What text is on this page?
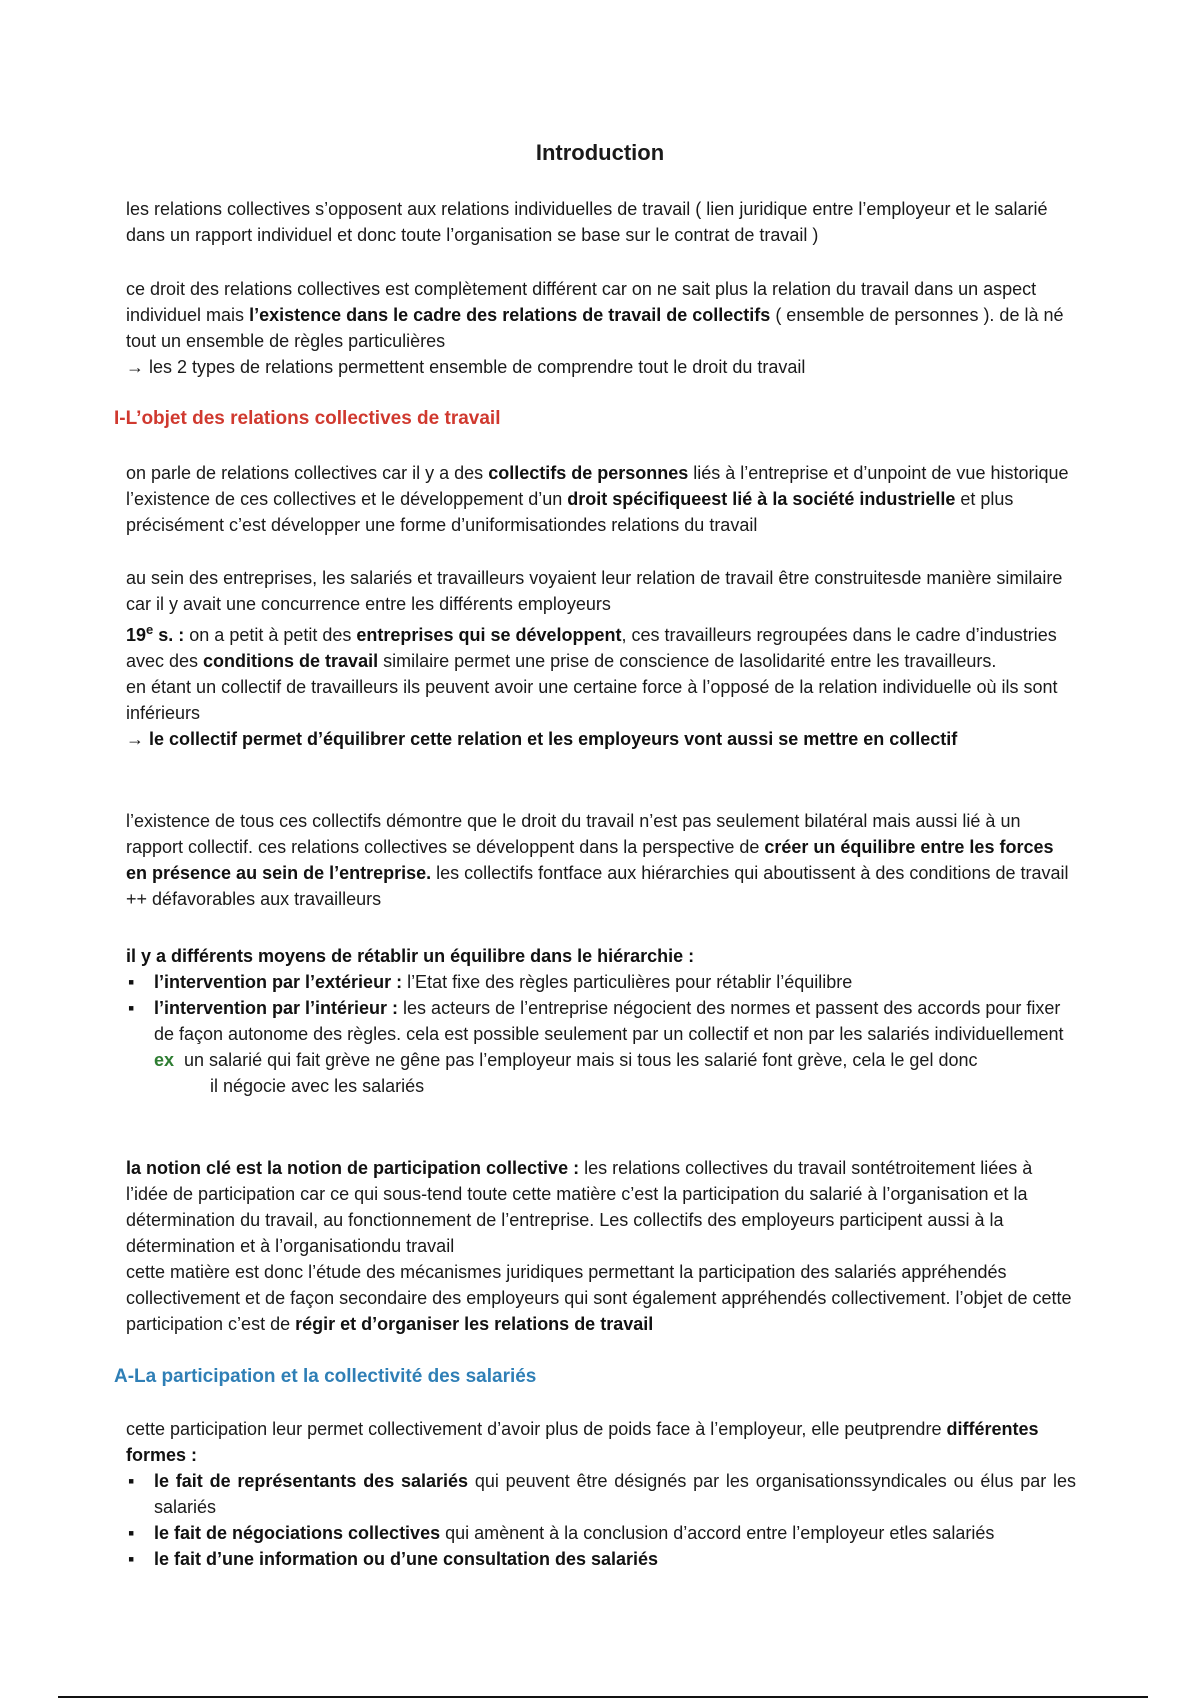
Introduction

les relations collectives s’opposent aux relations individuelles de travail ( lien juridique entre l’employeur et le salarié dans un rapport individuel et donc toute l’organisation se base sur le contrat de travail )

ce droit des relations collectives est complètement différent car on ne sait plus la relation du travail dans un aspect individuel mais l’existence dans le cadre des relations de travail de collectifs ( ensemble de personnes ). de là né tout un ensemble de règles particulières

→ les 2 types de relations permettent ensemble de comprendre tout le droit du travail

I-L’objet des relations collectives de travail

on parle de relations collectives car il y a des collectifs de personnes liés à l’entreprise et d’unpoint de vue historique l’existence de ces collectives et le développement d’un droit spécifiqueest lié à la société industrielle et plus précisément c’est développer une forme d’uniformisationdes relations du travail

au sein des entreprises, les salariés et travailleurs voyaient leur relation de travail être construitesde manière similaire car il y avait une concurrence entre les différents employeurs

19e s. : on a petit à petit des entreprises qui se développent, ces travailleurs regroupées dans le cadre d’industries avec des conditions de travail similaire permet une prise de conscience de lasolidarité entre les travailleurs.

en étant un collectif de travailleurs ils peuvent avoir une certaine force à l’opposé de la relation individuelle où ils sont inférieurs

→ le collectif permet d’équilibrer cette relation et les employeurs vont aussi se mettre en collectif

l’existence de tous ces collectifs démontre que le droit du travail n’est pas seulement bilatéral mais aussi lié à un rapport collectif. ces relations collectives se développent dans la perspective de créer un équilibre entre les forces en présence au sein de l’entreprise. les collectifs fontface aux hiérarchies qui aboutissent à des conditions de travail ++ défavorables aux travailleurs

il y a différents moyens de rétablir un équilibre dans le hiérarchie :

▪ l’intervention par l’extérieur : l’Etat fixe des règles particulières pour rétablir l’équilibre
▪ l’intervention par l’intérieur : les acteurs de l’entreprise négocient des normes et passent des accords pour fixer de façon autonome des règles. cela est possible seulement par un collectif et non par les salariés individuellement
ex un salarié qui fait grève ne gêne pas l’employeur mais si tous les salarié font grève, cela le gel donc
il négocie avec les salariés

la notion clé est la notion de participation collective : les relations collectives du travail sontétroitement liées à l’idée de participation car ce qui sous-tend toute cette matière c’est la participation du salarié à l’organisation et la détermination du travail, au fonctionnement de l’entreprise. Les collectifs des employeurs participent aussi à la détermination et à l’organisationdu travail

cette matière est donc l’étude des mécanismes juridiques permettant la participation des salariés appréhendés collectivement et de façon secondaire des employeurs qui sont également appréhendés collectivement. l’objet de cette participation c’est de régir et d’organiser les relations de travail

A-La participation et la collectivité des salariés

cette participation leur permet collectivement d’avoir plus de poids face à l’employeur, elle peutprendre différentes formes :

▪ le fait de représentants des salariés qui peuvent être désignés par les organisationssyndicales ou élus par les salariés
▪ le fait de négociations collectives qui amènent à la conclusion d’accord entre l’employeur etles salariés
▪ le fait d’une information ou d’une consultation des salariés
